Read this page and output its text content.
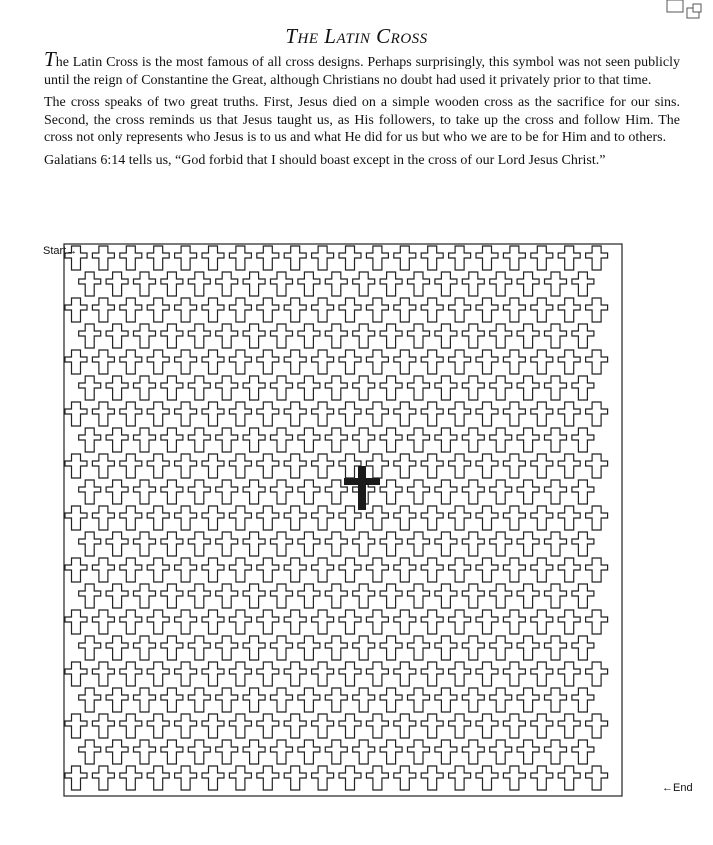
The Latin Cross

The Latin Cross is the most famous of all cross designs. Perhaps surprisingly, this symbol was not seen publicly until the reign of Constantine the Great, although Christians no doubt had used it privately prior to that time.

The cross speaks of two great truths. First, Jesus died on a simple wooden cross as the sacrifice for our sins. Second, the cross reminds us that Jesus taught us, as His followers, to take up the cross and follow Him. The cross not only represents who Jesus is to us and what He did for us but who we are to be for Him and to others.

Galatians 6:14 tells us, “God forbid that I should boast except in the cross of our Lord Jesus Christ.”

Start→
←End
